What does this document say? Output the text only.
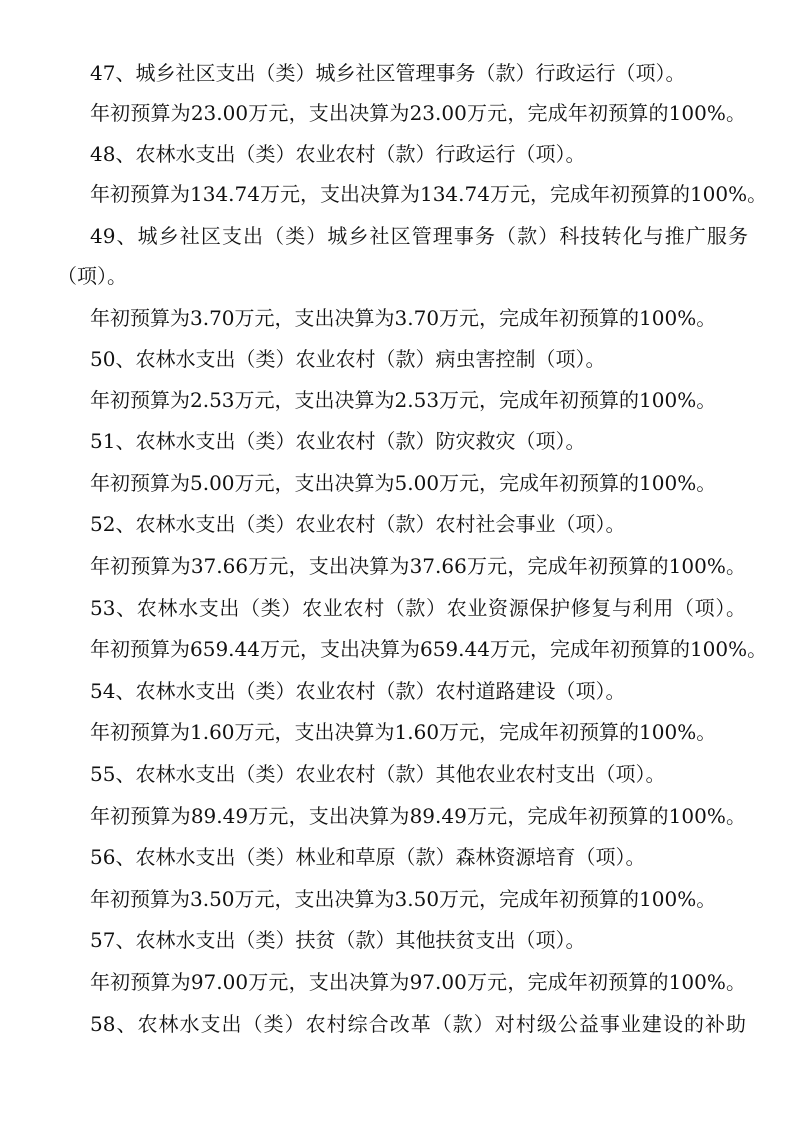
47、城乡社区支出（类）城乡社区管理事务（款）行政运行（项）。
年初预算为23.00万元，支出决算为23.00万元，完成年初预算的100%。
48、农林水支出（类）农业农村（款）行政运行（项）。
年初预算为134.74万元，支出决算为134.74万元，完成年初预算的100%。
49、城乡社区支出（类）城乡社区管理事务（款）科技转化与推广服务
（项）。
年初预算为3.70万元，支出决算为3.70万元，完成年初预算的100%。
50、农林水支出（类）农业农村（款）病虫害控制（项）。
年初预算为2.53万元，支出决算为2.53万元，完成年初预算的100%。
51、农林水支出（类）农业农村（款）防灾救灾（项）。
年初预算为5.00万元，支出决算为5.00万元，完成年初预算的100%。
52、农林水支出（类）农业农村（款）农村社会事业（项）。
年初预算为37.66万元，支出决算为37.66万元，完成年初预算的100%。
53、农林水支出（类）农业农村（款）农业资源保护修复与利用（项）。
年初预算为659.44万元，支出决算为659.44万元，完成年初预算的100%。
54、农林水支出（类）农业农村（款）农村道路建设（项）。
年初预算为1.60万元，支出决算为1.60万元，完成年初预算的100%。
55、农林水支出（类）农业农村（款）其他农业农村支出（项）。
年初预算为89.49万元，支出决算为89.49万元，完成年初预算的100%。
56、农林水支出（类）林业和草原（款）森林资源培育（项）。
年初预算为3.50万元，支出决算为3.50万元，完成年初预算的100%。
57、农林水支出（类）扶贫（款）其他扶贫支出（项）。
年初预算为97.00万元，支出决算为97.00万元，完成年初预算的100%。
58、农林水支出（类）农村综合改革（款）对村级公益事业建设的补助
